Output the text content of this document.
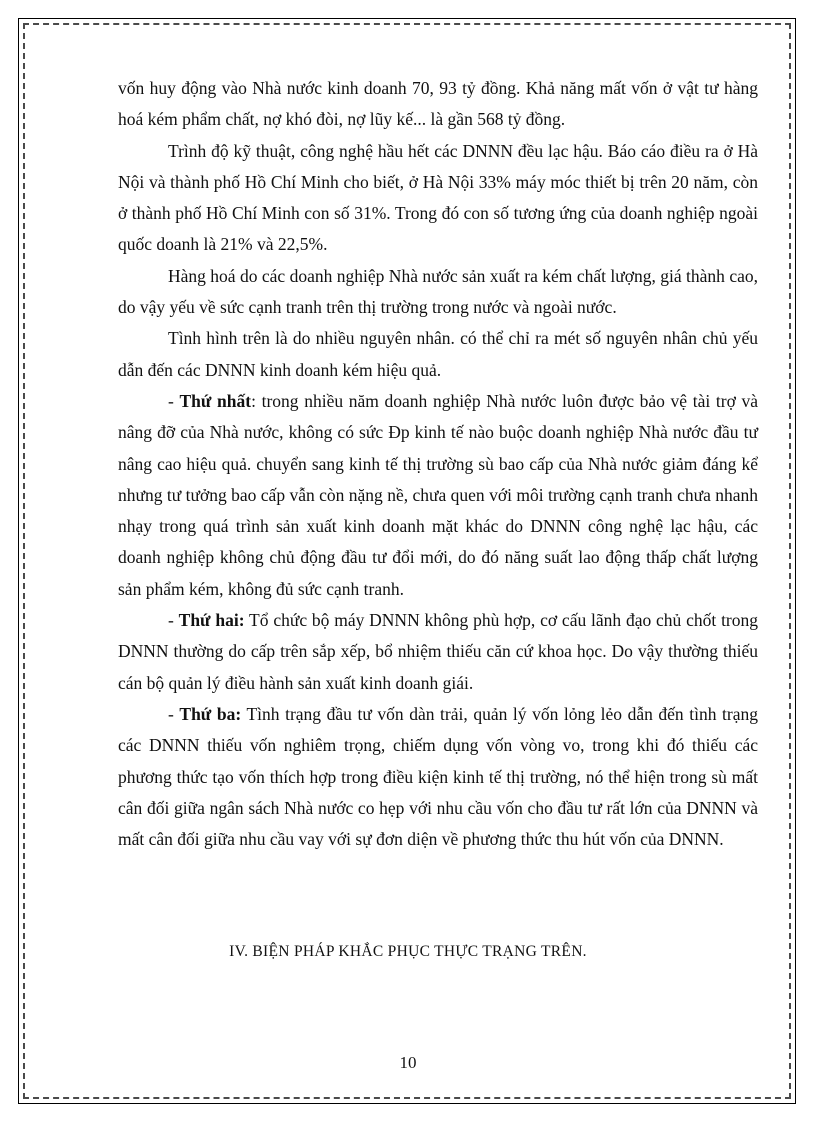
vốn huy động vào Nhà nước kinh doanh 70, 93 tỷ đồng. Khả năng mất vốn ở vật tư hàng hoá kém phẩm chất, nợ khó đòi, nợ lũy kế... là gần 568 tỷ đồng.

Trình độ kỹ thuật, công nghệ hầu hết các DNNN đều lạc hậu. Báo cáo điều ra ở Hà Nội và thành phố Hồ Chí Minh cho biết, ở Hà Nội 33% máy móc thiết bị trên 20 năm, còn ở thành phố Hồ Chí Minh con số 31%. Trong đó con số tương ứng của doanh nghiệp ngoài quốc doanh là 21% và 22,5%.

Hàng hoá do các doanh nghiệp Nhà nước sản xuất ra kém chất lượng, giá thành cao, do vậy yếu về sức cạnh tranh trên thị trường trong nước và ngoài nước.

Tình hình trên là do nhiều nguyên nhân. có thể chỉ ra mét số nguyên nhân chủ yếu dẫn đến các DNNN kinh doanh kém hiệu quả.

- Thứ nhất: trong nhiều năm doanh nghiệp Nhà nước luôn được bảo vệ tài trợ và nâng đỡ của Nhà nước, không có sức Ðp kinh tế nào buộc doanh nghiệp Nhà nước đầu tư nâng cao hiệu quả. chuyển sang kinh tế thị trường sù bao cấp của Nhà nước giảm đáng kể nhưng tư tưởng bao cấp vẫn còn nặng nề, chưa quen với môi trường cạnh tranh chưa nhanh nhạy trong quá trình sản xuất kinh doanh mặt khác do DNNN công nghệ lạc hậu, các doanh nghiệp không chủ động đầu tư đổi mới, do đó năng suất lao động thấp chất lượng sản phẩm kém, không đủ sức cạnh tranh.

- Thứ hai: Tổ chức bộ máy DNNN không phù hợp, cơ cấu lãnh đạo chủ chốt trong DNNN thường do cấp trên sắp xếp, bổ nhiệm thiếu căn cứ khoa học. Do vậy thường thiếu cán bộ quản lý điều hành sản xuất kinh doanh giái.

- Thứ ba: Tình trạng đầu tư vốn dàn trải, quản lý vốn lỏng lẻo dẫn đến tình trạng các DNNN thiếu vốn nghiêm trọng, chiếm dụng vốn vòng vo, trong khi đó thiếu các phương thức tạo vốn thích hợp trong điều kiện kinh tế thị trường, nó thể hiện trong sù mất cân đối giữa ngân sách Nhà nước co hẹp với nhu cầu vốn cho đầu tư rất lớn của DNNN và mất cân đối giữa nhu cầu vay với sự đơn diện về phương thức thu hút vốn của DNNN.

IV. BIỆN PHÁP KHẮC PHỤC THỰC TRẠNG TRÊN.
10
